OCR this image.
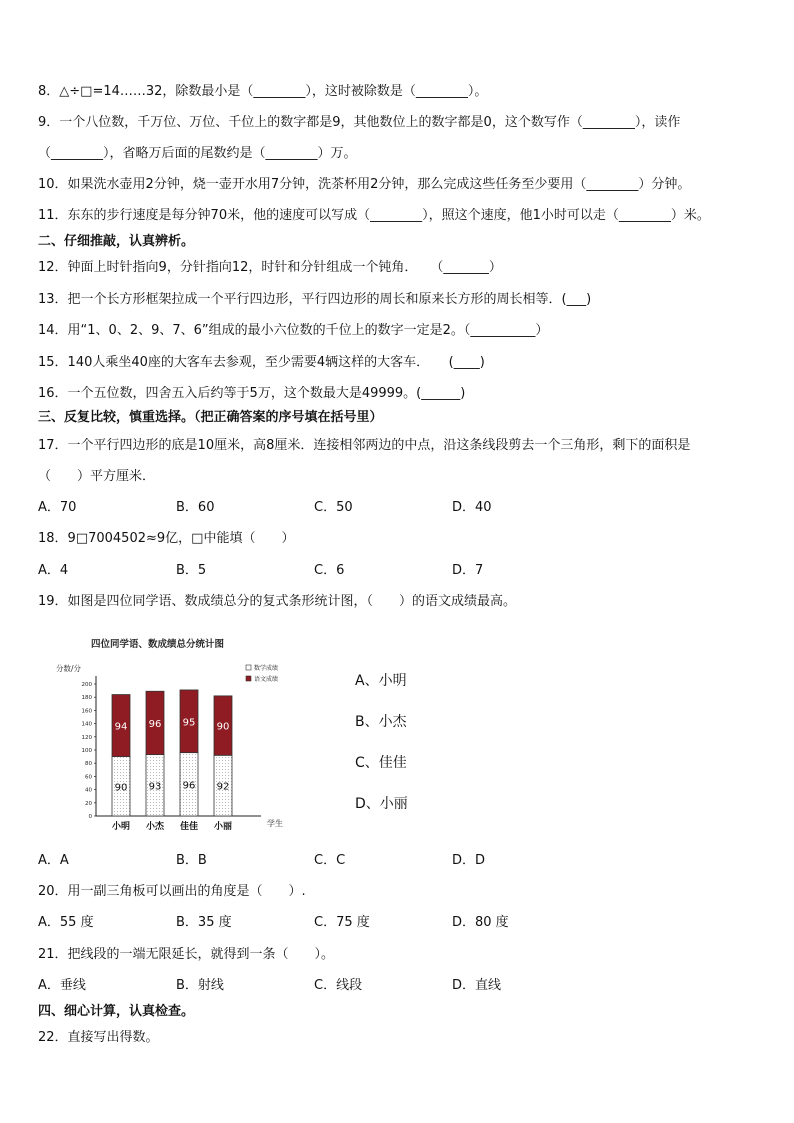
8．△÷□=14……32，除数最小是（________），这时被除数是（________）。
9．一个八位数，千万位、万位、千位上的数字都是9，其他数位上的数字都是0，这个数写作（________），读作
（________），省略万后面的尾数约是（________）万。
10．如果洗水壶用2分钟，烧一壶开水用7分钟，洗茶杯用2分钟，那么完成这些任务至少要用（________）分钟。
11．东东的步行速度是每分钟70米，他的速度可以写成（________），照这个速度，他1小时可以走（________）米。
二、仔细推敲，认真辨析。
12．钟面上时针指向9，分针指向12，时针和分针组成一个钝角．　　（_______）
13．把一个长方形框架拉成一个平行四边形，平行四边形的周长和原来长方形的周长相等．(___)
14．用“1、0、2、9、7、6”组成的最小六位数的千位上的数字一定是2。（__________）
15．140人乘坐40座的大客车去参观，至少需要4辆这样的大客车．　　(____)
16．一个五位数，四舍五入后约等于5万，这个数最大是49999。(______)
三、反复比较，慎重选择。（把正确答案的序号填在括号里）
17．一个平行四边形的底是10厘米，高8厘米．连接相邻两边的中点，沿这条线段剪去一个三角形，剩下的面积是
（　　）平方厘米．
A．70	B．60	C．50	D．40
18．9□7004502≈9亿，□中能填（　　）
A．4	B．5	C．6	D．7
19．如图是四位同学语、数成绩总分的复式条形统计图，（　　）的语文成绩最高。
四位同学语、数成绩总分统计图
分数/分
学生
0
20
40
60
80
100
120
140
160
180
200
数学成绩
语文成绩
90
94
小明
93
96
小杰
96
95
佳佳
92
90
小丽
A、小明
B、小杰
C、佳佳
D、小丽
A．A	B．B	C．C	D．D
20．用一副三角板可以画出的角度是（　　）.
A．55 度	B．35 度	C．75 度	D．80 度
21．把线段的一端无限延长，就得到一条（　　）。
A．垂线	B．射线	C．线段	D．直线
四、细心计算，认真检查。
22．直接写出得数。
